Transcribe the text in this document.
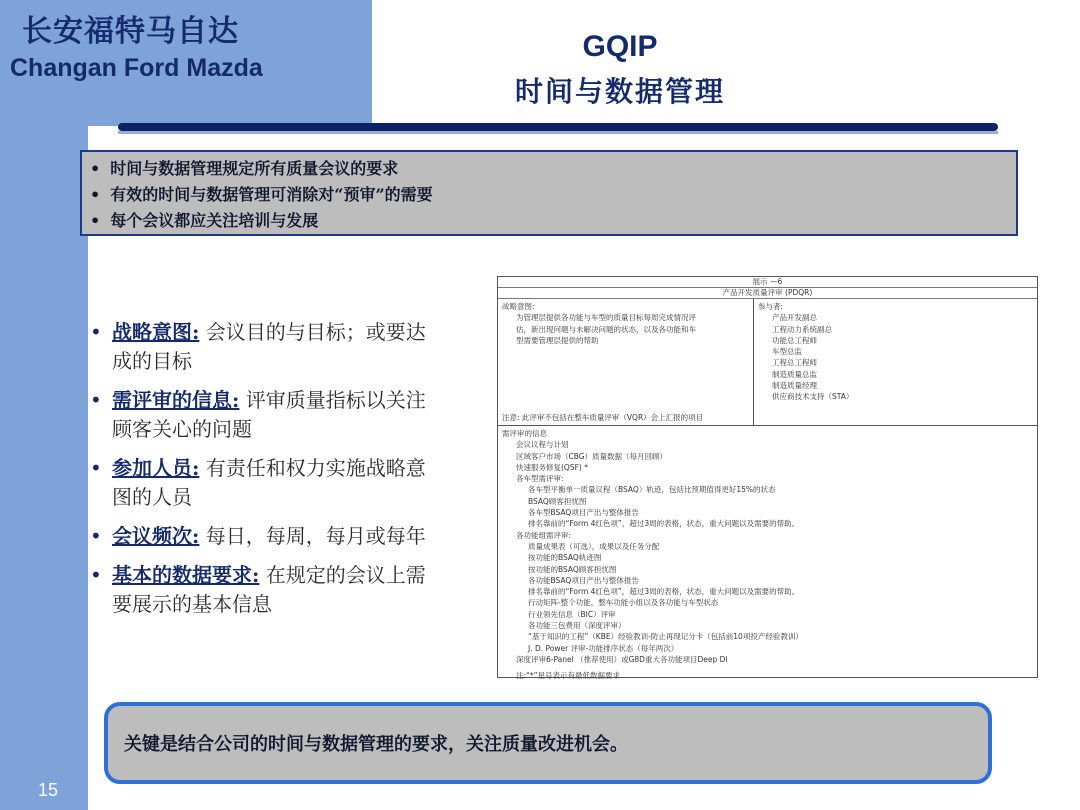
长安福特马自达
Changan Ford Mazda
GQIP
时间与数据管理
• 时间与数据管理规定所有质量会议的要求
• 有效的时间与数据管理可消除对“预审”的需要
• 每个会议都应关注培训与发展
• 战略意图: 会议目的与目标；或要达成的目标
• 需评审的信息: 评审质量指标以关注顾客关心的问题
• 参加人员: 有责任和权力实施战略意图的人员
• 会议频次: 每日，每周，每月或每年
• 基本的数据要求: 在规定的会议上需要展示的基本信息
展示 —6
产品开发质量评审 (PDQR)
战略意图:
为管理层提供各功能与车型的质量目标每周完成情况评
估，新出现问题与未解决问题的状态，以及各功能和车
型需要管理层提供的帮助
参与者:
产品开发副总
工程动力系统副总
功能总工程师
车型总监
工程总工程师
制造质量总监
制造质量经理
供应商技术支持（STA）
注意: 此评审不包括在整车质量评审（VQR）会上汇报的项目
需评审的信息
会议议程与计划
区域客户市场（CBG）质量数据（每月回顾）
快速服务修复(QSF) *
各车型需评审:
各车型平衡单一质量议程（BSAQ）轨迹，包括比预期值得更好15%的状态
BSAQ顾客担忧图
各车型BSAQ项目产出与整体报告
排名靠前的“Form 4红色项”，超过3周的表格，状态，重大问题以及需要的帮助。
各功能组需评审:
质量成果表（可选），成果以及任务分配
按功能的BSAQ轨迹图
按功能的BSAQ顾客担忧图
各功能BSAQ项目产出与整体报告
排名靠前的“Form 4红色项”，超过3周的表格，状态，重大问题以及需要的帮助。
行动矩阵-整个功能，整车功能小组以及各功能与车型状态
行业领先信息（BIC）评审
各功能三包费用（深度评审）
“基于知识的工程”（KBE）经验教训-防止再现记分卡（包括前10项投产经验教训）
J. D. Power 评审-功能排序状态（每年两次）
深度评审6-Panel （推荐使用）或G8D重大各功能项目Deep Dl
注:“*”星号表示有最低数据要求
关键是结合公司的时间与数据管理的要求，关注质量改进机会。
15
